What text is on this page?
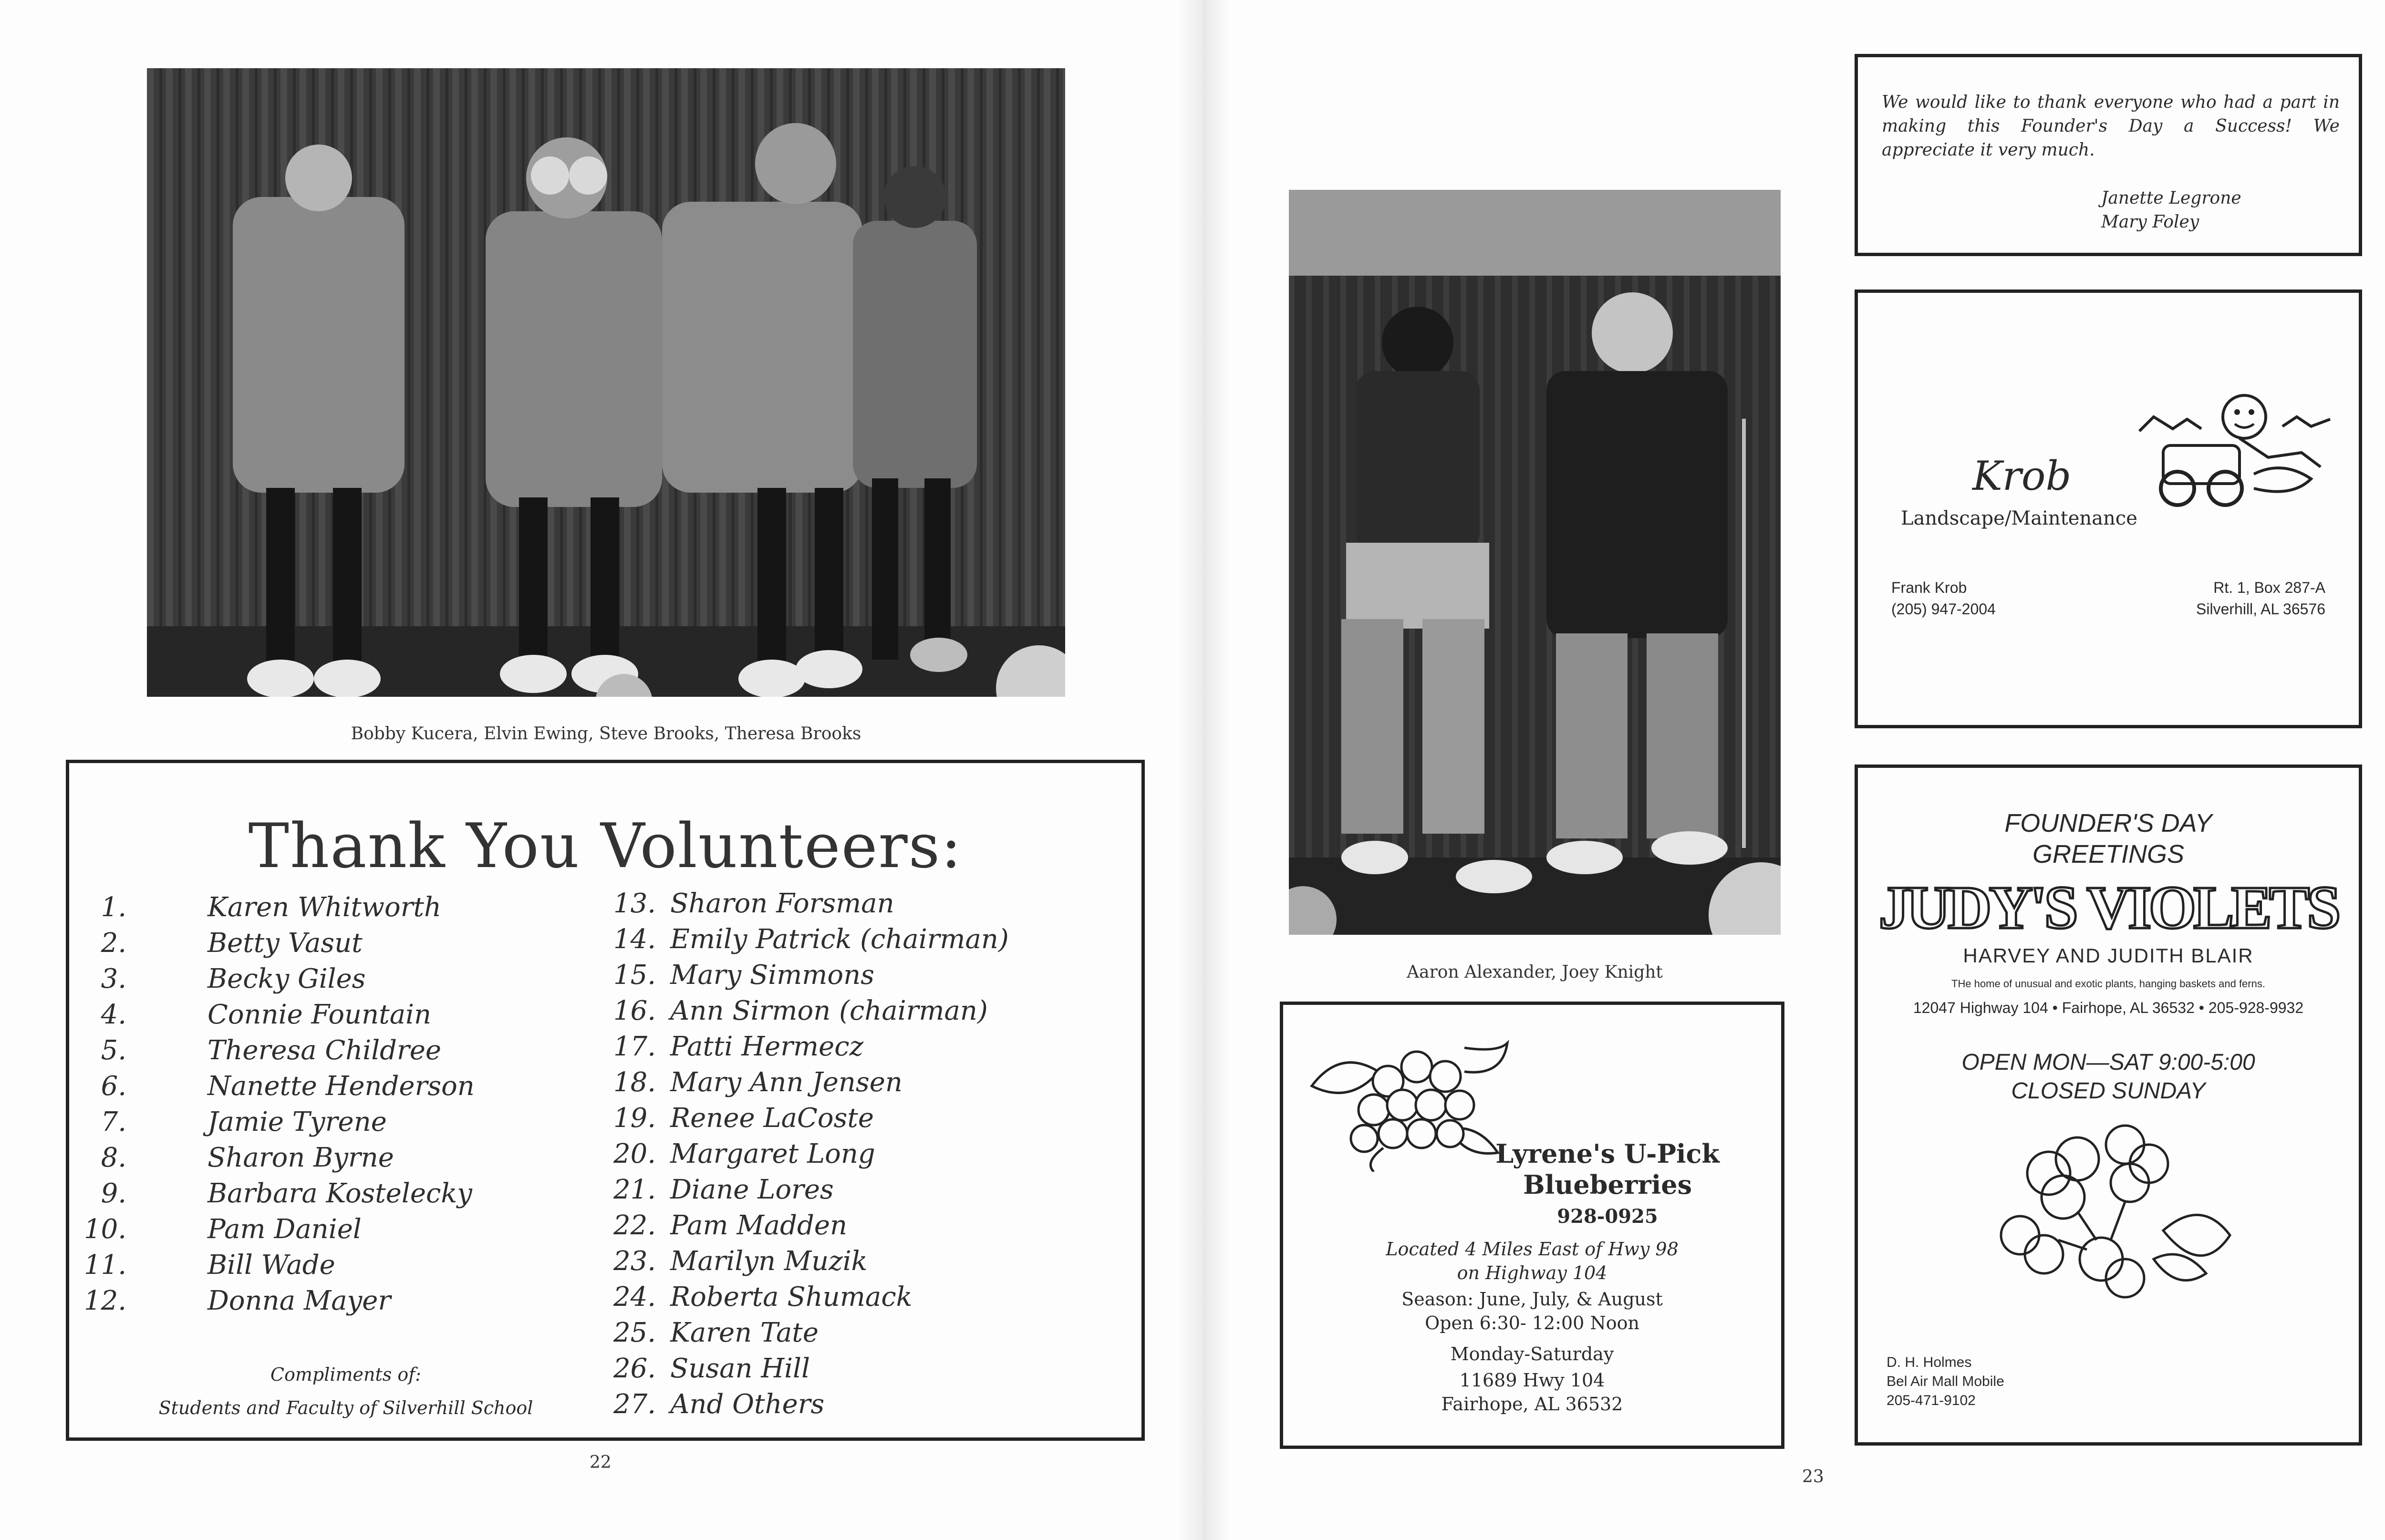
Bobby Kucera, Elvin Ewing, Steve Brooks, Theresa Brooks
Thank You Volunteers:
1.	Karen Whitworth
2.	Betty Vasut
3.	Becky Giles
4.	Connie Fountain
5.	Theresa Childree
6.	Nanette Henderson
7.	Jamie Tyrene
8.	Sharon Byrne
9.	Barbara Kostelecky
10.	Pam Daniel
11.	Bill Wade
12.	Donna Mayer
13. Sharon Forsman
14. Emily Patrick (chairman)
15. Mary Simmons
16. Ann Sirmon (chairman)
17. Patti Hermecz
18. Mary Ann Jensen
19. Renee LaCoste
20. Margaret Long
21. Diane Lores
22. Pam Madden
23. Marilyn Muzik
24. Roberta Shumack
25. Karen Tate
26. Susan Hill
27. And Others
Compliments of:
Students and Faculty of Silverhill School
22
Aaron Alexander, Joey Knight
We would like to thank everyone who had a part in making this Founder's Day a Success! We appreciate it very much.
Janette Legrone
Mary Foley
Krob
Landscape/Maintenance
Frank Krob
(205) 947-2004
Rt. 1, Box 287-A
Silverhill, AL 36576
FOUNDER'S DAY
GREETINGS
JUDY'S VIOLETS
HARVEY AND JUDITH BLAIR
THe home of unusual and exotic plants, hanging baskets and ferns.
12047 Highway 104 • Fairhope, AL 36532 • 205-928-9932
OPEN MON—SAT 9:00-5:00
CLOSED SUNDAY
D. H. Holmes
Bel Air Mall Mobile
205-471-9102
Lyrene's U-Pick
Blueberries
928-0925
Located 4 Miles East of Hwy 98
on Highway 104
Season: June, July, & August
Open 6:30- 12:00 Noon
Monday-Saturday
11689 Hwy 104
Fairhope, AL 36532
23
